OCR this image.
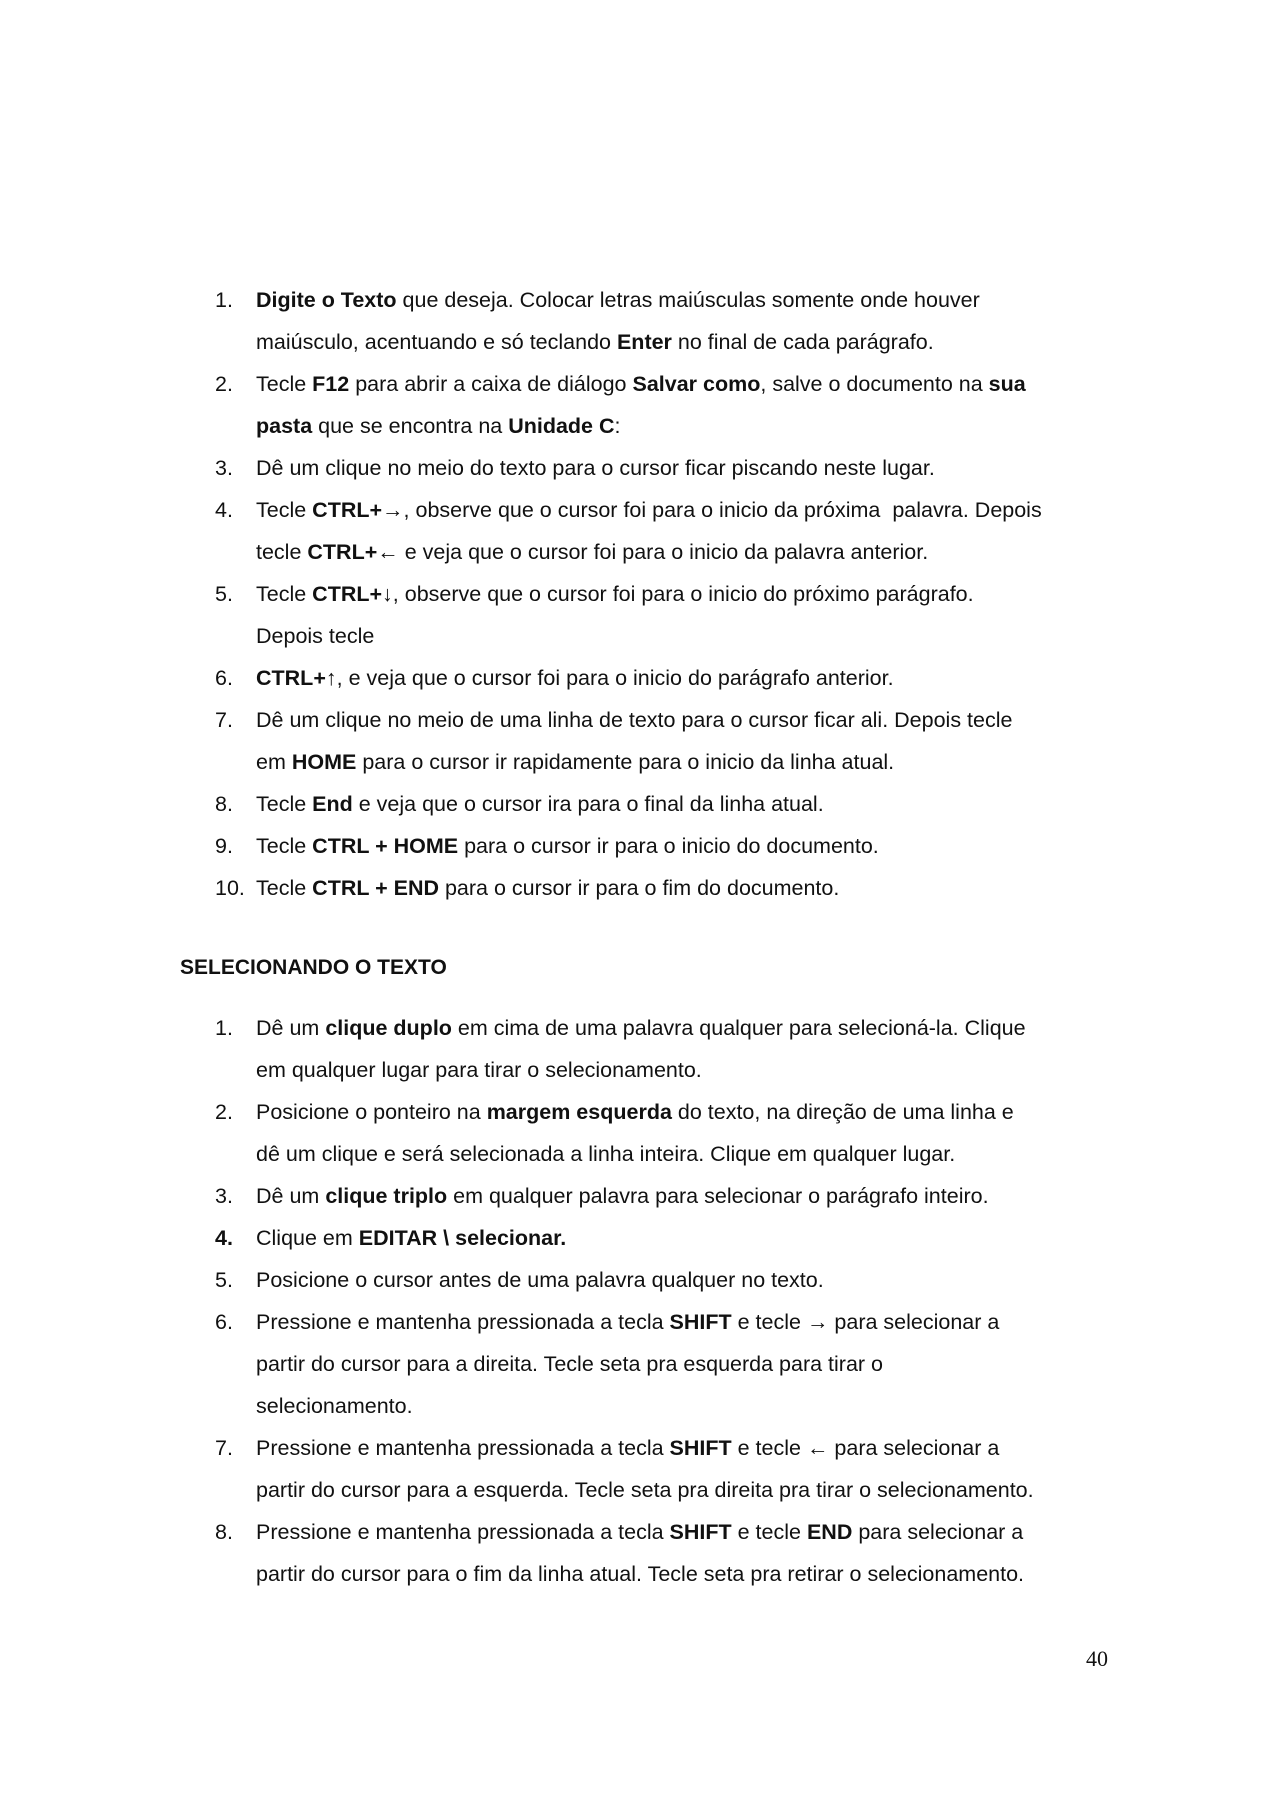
1.	Digite o Texto que deseja. Colocar letras maiúsculas somente onde houver
maiúsculo, acentuando e só teclando Enter no final de cada parágrafo.
2.	Tecle F12 para abrir a caixa de diálogo Salvar como, salve o documento na sua
pasta que se encontra na Unidade C:
3.	Dê um clique no meio do texto para o cursor ficar piscando neste lugar.
4.	Tecle CTRL+→, observe que o cursor foi para o inicio da próxima  palavra. Depois
tecle CTRL+← e veja que o cursor foi para o inicio da palavra anterior.
5.	Tecle CTRL+↓, observe que o cursor foi para o inicio do próximo parágrafo.
Depois tecle
6.	CTRL+↑, e veja que o cursor foi para o inicio do parágrafo anterior.
7.	Dê um clique no meio de uma linha de texto para o cursor ficar ali. Depois tecle
em HOME para o cursor ir rapidamente para o inicio da linha atual.
8.	Tecle End e veja que o cursor ira para o final da linha atual.
9.	Tecle CTRL + HOME para o cursor ir para o inicio do documento.
10. Tecle CTRL + END para o cursor ir para o fim do documento.
SELECIONANDO O TEXTO
1.	Dê um clique duplo em cima de uma palavra qualquer para selecioná-la. Clique
em qualquer lugar para tirar o selecionamento.
2.	Posicione o ponteiro na margem esquerda do texto, na direção de uma linha e
dê um clique e será selecionada a linha inteira. Clique em qualquer lugar.
3.	Dê um clique triplo em qualquer palavra para selecionar o parágrafo inteiro.
4.	Clique em EDITAR \ selecionar.
5.	Posicione o cursor antes de uma palavra qualquer no texto.
6.	Pressione e mantenha pressionada a tecla SHIFT e tecle → para selecionar a
partir do cursor para a direita. Tecle seta pra esquerda para tirar o
selecionamento.
7.	Pressione e mantenha pressionada a tecla SHIFT e tecle ← para selecionar a
partir do cursor para a esquerda. Tecle seta pra direita pra tirar o selecionamento.
8.	Pressione e mantenha pressionada a tecla SHIFT e tecle END para selecionar a
partir do cursor para o fim da linha atual. Tecle seta pra retirar o selecionamento.
40
